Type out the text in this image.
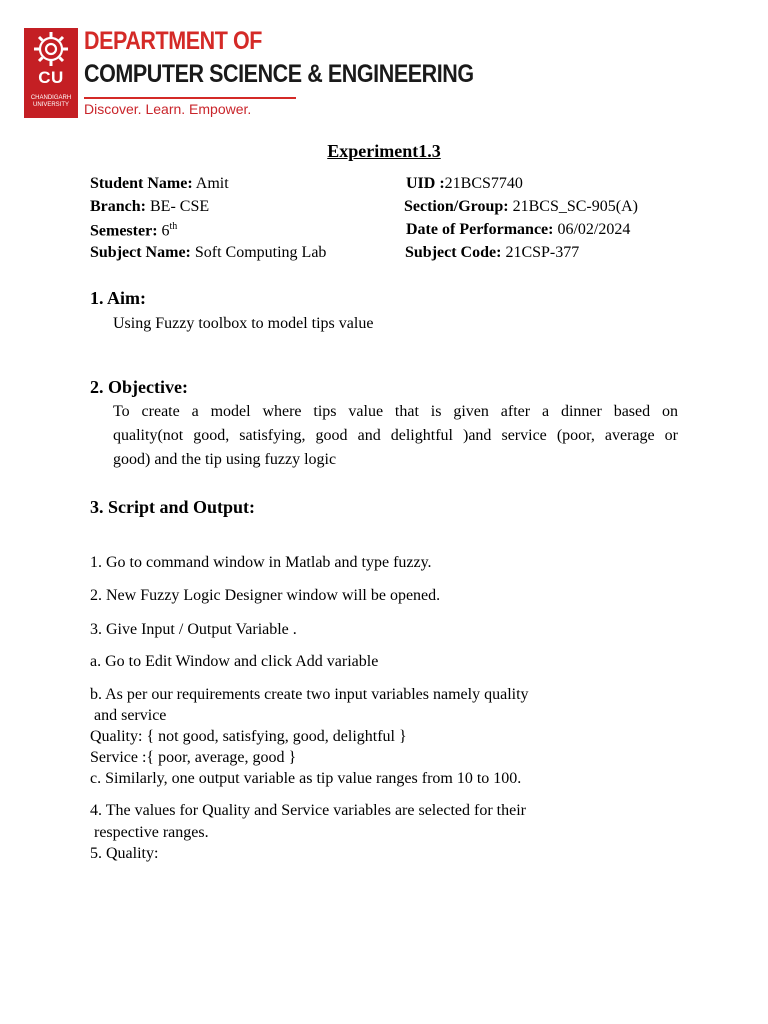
CU
CHANDIGARH
UNIVERSITY
DEPARTMENT OF
COMPUTER SCIENCE & ENGINEERING
Discover. Learn. Empower.
Experiment1.3
Student Name: Amit	UID :21BCS7740
Branch: BE- CSE	Section/Group: 21BCS_SC-905(A)
Semester: 6th	Date of Performance: 06/02/2024
Subject Name: Soft Computing Lab	Subject Code: 21CSP-377
1. Aim:
Using Fuzzy toolbox to model tips value
2. Objective:
To create a model where tips value that is given after a dinner based on
quality(not good, satisfying, good and delightful )and service (poor, average or
good) and the tip using fuzzy logic
3. Script and Output:
1. Go to command window in Matlab and type fuzzy.
2. New Fuzzy Logic Designer window will be opened.
3. Give Input / Output Variable .
a. Go to Edit Window and click Add variable
b. As per our requirements create two input variables namely quality
and service
Quality: { not good, satisfying, good, delightful }
Service :{ poor, average, good }
c. Similarly, one output variable as tip value ranges from 10 to 100.
4. The values for Quality and Service variables are selected for their
respective ranges.
5. Quality:
